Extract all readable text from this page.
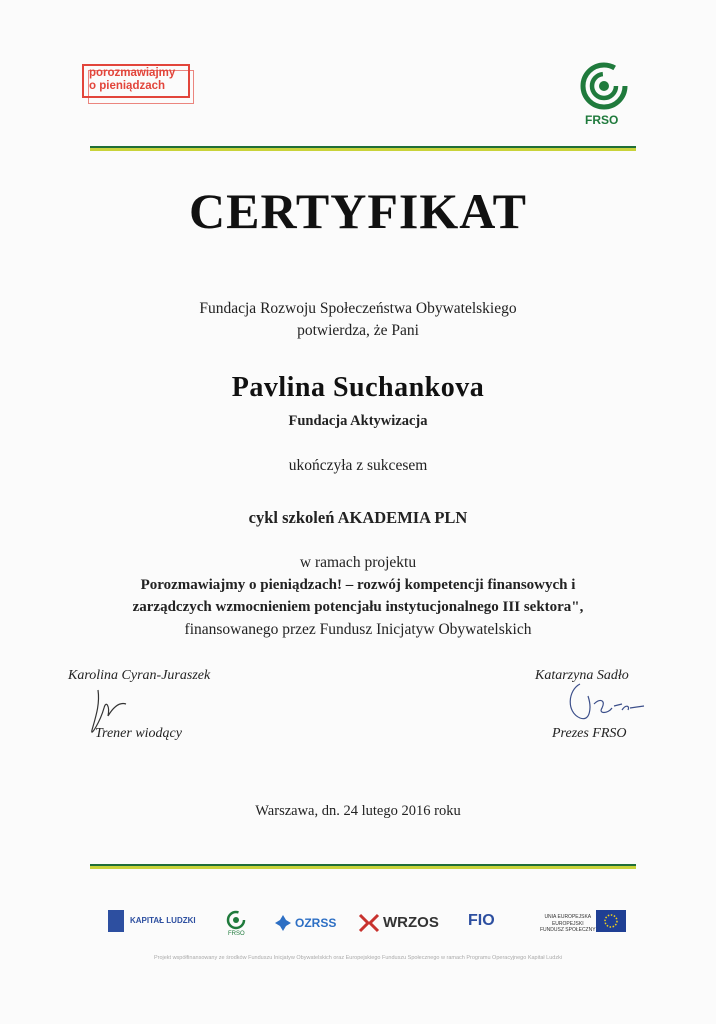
porozmawiajmy
o pieniądzach
FRSO
CERTYFIKAT
Fundacja Rozwoju Społeczeństwa Obywatelskiego
potwierdza, że Pani
Pavlina Suchankova
Fundacja Aktywizacja
ukończyła z sukcesem
cykl szkoleń AKADEMIA PLN
w ramach projektu
Porozmawiajmy o pieniądzach! – rozwój kompetencji finansowych i
zarządczych wzmocnieniem potencjału instytucjonalnego III sektora",
finansowanego przez Fundusz Inicjatyw Obywatelskich
Karolina Cyran-Juraszek
Trener wiodący
Katarzyna Sadło
Prezes FRSO
Warszawa, dn. 24 lutego 2016 roku
KAPITAŁ LUDZKI
FRSO
OZRSS	WRZOS FIO	UNIA EUROPEJSKA
EUROPEJSKI
FUNDUSZ SPOŁECZNY
Projekt współfinansowany ze środków Funduszu Inicjatyw Obywatelskich oraz Europejskiego Funduszu Społecznego w ramach Programu Operacyjnego Kapitał Ludzki
